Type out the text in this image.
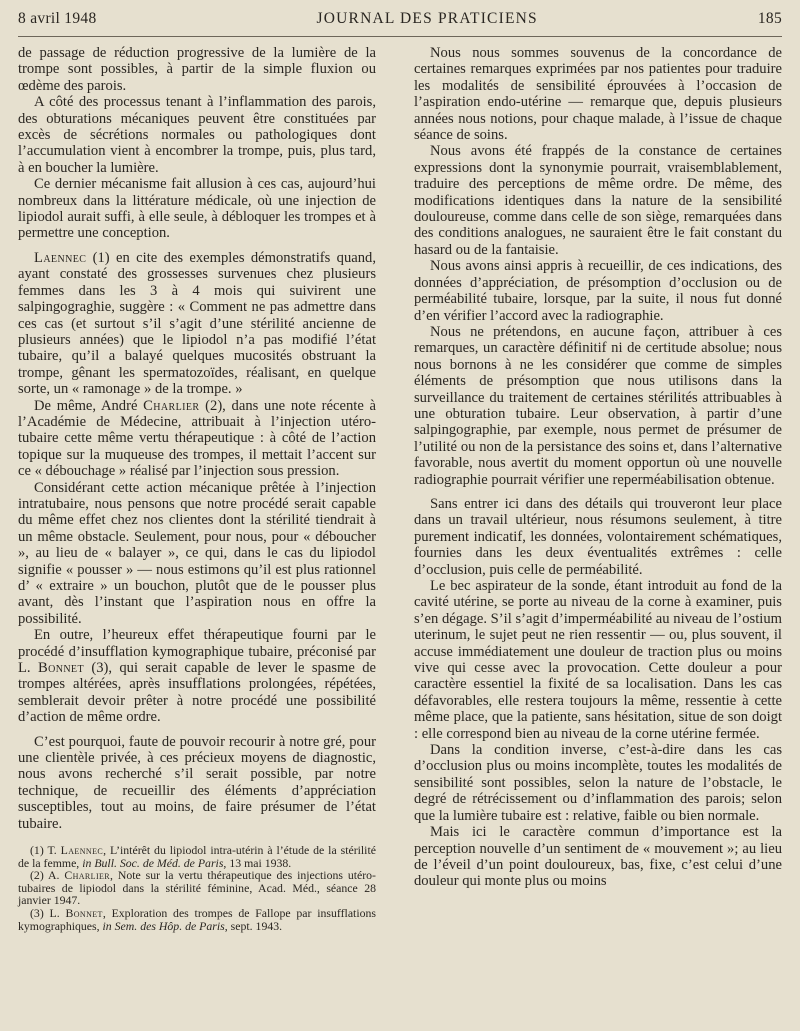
8 avril 1948	JOURNAL DES PRATICIENS	185

de passage de réduction progressive de la lumière de la trompe sont possibles, à partir de la simple fluxion ou œdème des parois.

A côté des processus tenant à l’inflammation des parois, des obturations mécaniques peuvent être constituées par excès de sécrétions normales ou pathologiques dont l’accumulation vient à encombrer la trompe, puis, plus tard, à en boucher la lumière.

Ce dernier mécanisme fait allusion à ces cas, aujourd’hui nombreux dans la littérature médicale, où une injection de lipiodol aurait suffi, à elle seule, à débloquer les trompes et à permettre une conception.

Laennec (1) en cite des exemples démonstratifs quand, ayant constaté des grossesses survenues chez plusieurs femmes dans les 3 à 4 mois qui suivirent une salpingograghie, suggère : « Comment ne pas admettre dans ces cas (et surtout s’il s’agit d’une stérilité ancienne de plusieurs années) que le lipiodol n’a pas modifié l’état tubaire, qu’il a balayé quelques mucosités obstruant la trompe, gênant les spermatozoïdes, réalisant, en quelque sorte, un « ramonage » de la trompe. »

De même, André Charlier (2), dans une note récente à l’Académie de Médecine, attribuait à l’injection utéro-tubaire cette même vertu thérapeutique : à côté de l’action topique sur la muqueuse des trompes, il mettait l’accent sur ce « débouchage » réalisé par l’injection sous pression.

Considérant cette action mécanique prêtée à l’injection intratubaire, nous pensons que notre procédé serait capable du même effet chez nos clientes dont la stérilité tiendrait à un même obstacle. Seulement, pour nous, pour « déboucher », au lieu de « balayer », ce qui, dans le cas du lipiodol signifie « pousser » — nous estimons qu’il est plus rationnel d’ « extraire » un bouchon, plutôt que de le pousser plus avant, dès l’instant que l’aspiration nous en offre la possibilité.

En outre, l’heureux effet thérapeutique fourni par le procédé d’insufflation kymographique tubaire, préconisé par L. Bonnet (3), qui serait capable de lever le spasme de trompes altérées, après insufflations prolongées, répétées, semblerait devoir prêter à notre procédé une possibilité d’action de même ordre.

C’est pourquoi, faute de pouvoir recourir à notre gré, pour une clientèle privée, à ces précieux moyens de diagnostic, nous avons recherché s’il serait possible, par notre technique, de recueillir des éléments d’appréciation susceptibles, tout au moins, de faire présumer de l’état tubaire.

(1) T. Laennec, L’intérêt du lipiodol intra-utérin à l’étude de la stérilité de la femme, in Bull. Soc. de Méd. de Paris, 13 mai 1938.

(2) A. Charlier, Note sur la vertu thérapeutique des injections utéro-tubaires de lipiodol dans la stérilité féminine, Acad. Méd., séance 28 janvier 1947.

(3) L. Bonnet, Exploration des trompes de Fallope par insufflations kymographiques, in Sem. des Hôp. de Paris, sept. 1943.

Nous nous sommes souvenus de la concordance de certaines remarques exprimées par nos patientes pour traduire les modalités de sensibilité éprouvées à l’occasion de l’aspiration endo-utérine — remarque que, depuis plusieurs années nous notions, pour chaque malade, à l’issue de chaque séance de soins.

Nous avons été frappés de la constance de certaines expressions dont la synonymie pourrait, vraisemblablement, traduire des perceptions de même ordre. De même, des modifications identiques dans la nature de la sensibilité douloureuse, comme dans celle de son siège, remarquées dans des conditions analogues, ne sauraient être le fait constant du hasard ou de la fantaisie.

Nous avons ainsi appris à recueillir, de ces indications, des données d’appréciation, de présomption d’occlusion ou de perméabilité tubaire, lorsque, par la suite, il nous fut donné d’en vérifier l’accord avec la radiographie.

Nous ne prétendons, en aucune façon, attribuer à ces remarques, un caractère définitif ni de certitude absolue; nous nous bornons à ne les considérer que comme de simples éléments de présomption que nous utilisons dans la surveillance du traitement de certaines stérilités attribuables à une obturation tubaire. Leur observation, à partir d’une salpingographie, par exemple, nous permet de présumer de l’utilité ou non de la persistance des soins et, dans l’alternative favorable, nous avertit du moment opportun où une nouvelle radiographie pourrait vérifier une reperméabilisation obtenue.

Sans entrer ici dans des détails qui trouveront leur place dans un travail ultérieur, nous résumons seulement, à titre purement indicatif, les données, volontairement schématiques, fournies dans les deux éventualités extrêmes : celle d’occlusion, puis celle de perméabilité.

Le bec aspirateur de la sonde, étant introduit au fond de la cavité utérine, se porte au niveau de la corne à examiner, puis s’en dégage. S’il s’agit d’imperméabilité au niveau de l’ostium uterinum, le sujet peut ne rien ressentir — ou, plus souvent, il accuse immédiatement une douleur de traction plus ou moins vive qui cesse avec la provocation. Cette douleur a pour caractère essentiel la fixité de sa localisation. Dans les cas défavorables, elle restera toujours la même, ressentie à cette même place, que la patiente, sans hésitation, situe de son doigt : elle correspond bien au niveau de la corne utérine fermée.

Dans la condition inverse, c’est-à-dire dans les cas d’occlusion plus ou moins incomplète, toutes les modalités de sensibilité sont possibles, selon la nature de l’obstacle, le degré de rétrécissement ou d’inflammation des parois; selon que la lumière tubaire est : relative, faible ou bien normale.

Mais ici le caractère commun d’importance est la perception nouvelle d’un sentiment de « mouvement »; au lieu de l’éveil d’un point douloureux, bas, fixe, c’est celui d’une douleur qui monte plus ou moins
